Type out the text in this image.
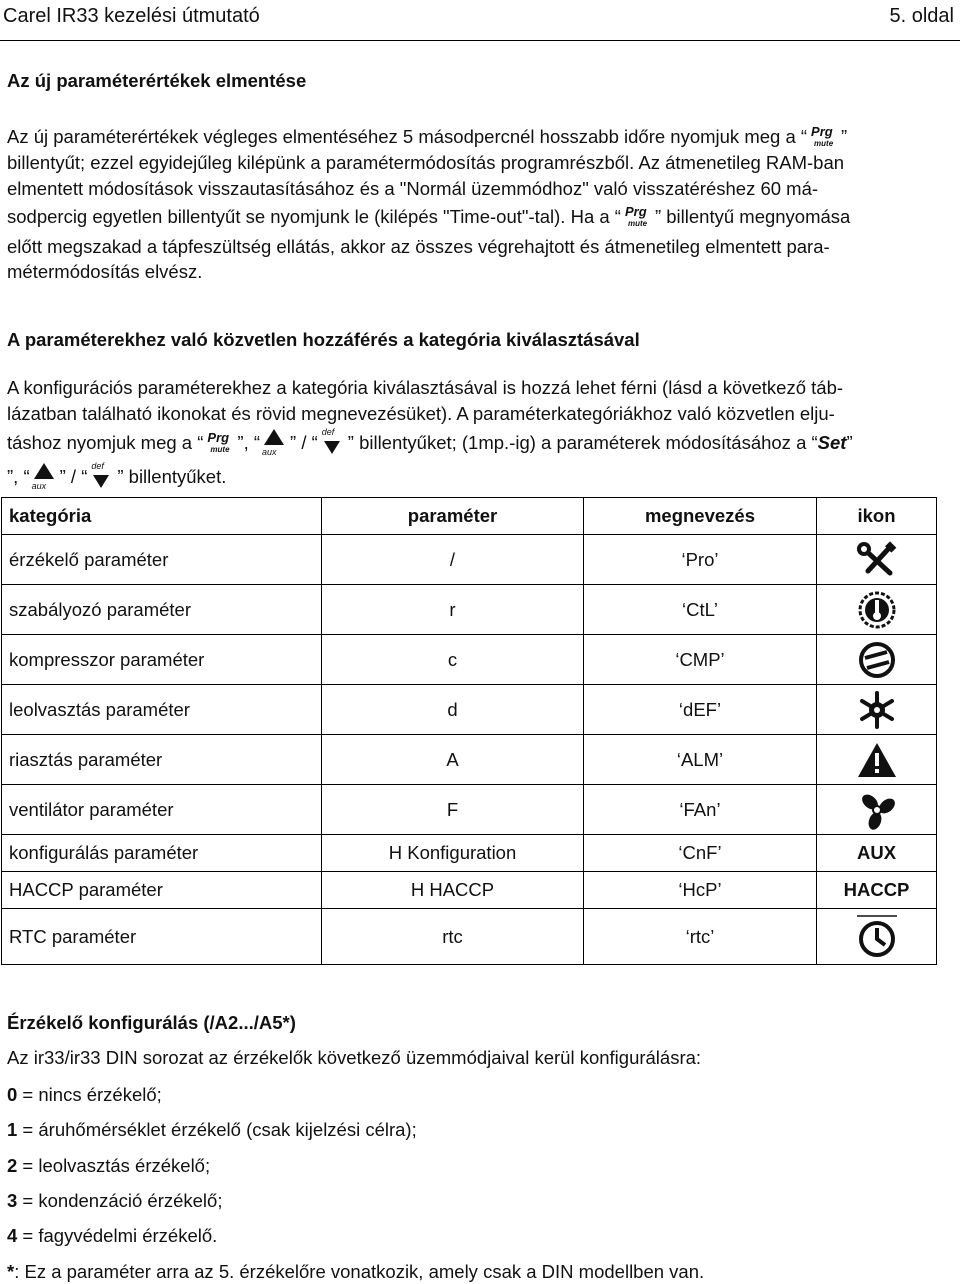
Carel IR33 kezelési útmutató	5. oldal
Az új paraméterértékek elmentése
Az új paraméterértékek végleges elmentéséhez 5 másodpercnél hosszabb időre nyomjuk meg a “ Prg
mute ”
billentyűt; ezzel egyidejűleg kilépünk a paramétermódosítás programrészből. Az átmenetileg RAM-ban
elmentett módosítások visszautasításához és a "Normál üzemmódhoz" való visszatéréshez 60 má-
sodpercig egyetlen billentyűt se nyomjunk le (kilépés "Time-out"-tal). Ha a “ Prg
mute ” billentyű megnyomása
előtt megszakad a tápfeszültség ellátás, akkor az összes végrehajtott és átmenetileg elmentett para-
métermódosítás elvész.
A paraméterekhez való közvetlen hozzáférés a kategória kiválasztásával
A konfigurációs paraméterekhez a kategória kiválasztásával is hozzá lehet férni (lásd a következő táb-
lázatban található ikonokat és rövid megnevezésüket). A paraméterkategóriákhoz való közvetlen elju-
táshoz nyomjuk meg a “ Prg
mute ”, “ aux ” / “ def ” billentyűket; (1mp.-ig) a paraméterek módosításához a “Set”
”, “ aux ” / “ def ” billentyűket.
kategória	paraméter	megnevezés	ikon
érzékelő paraméter	/	‘Pro’	
szabályozó paraméter	r	‘CtL’	
kompresszor paraméter	c	‘CMP’	
leolvasztás paraméter	d	‘dEF’	
riasztás paraméter	A	‘ALM’	
ventilátor paraméter	F	‘FAn’	
konfigurálás paraméter	H Konfiguration	‘CnF’	AUX
HACCP paraméter	H HACCP	‘HcP’	HACCP
RTC paraméter	rtc	‘rtc’	
Érzékelő konfigurálás (/A2.../A5*)
Az ir33/ir33 DIN sorozat az érzékelők következő üzemmódjaival kerül konfigurálásra:
0 = nincs érzékelő;
1 = áruhőmérséklet érzékelő (csak kijelzési célra);
2 = leolvasztás érzékelő;
3 = kondenzáció érzékelő;
4 = fagyvédelmi érzékelő.
*: Ez a paraméter arra az 5. érzékelőre vonatkozik, amely csak a DIN modellben van.
